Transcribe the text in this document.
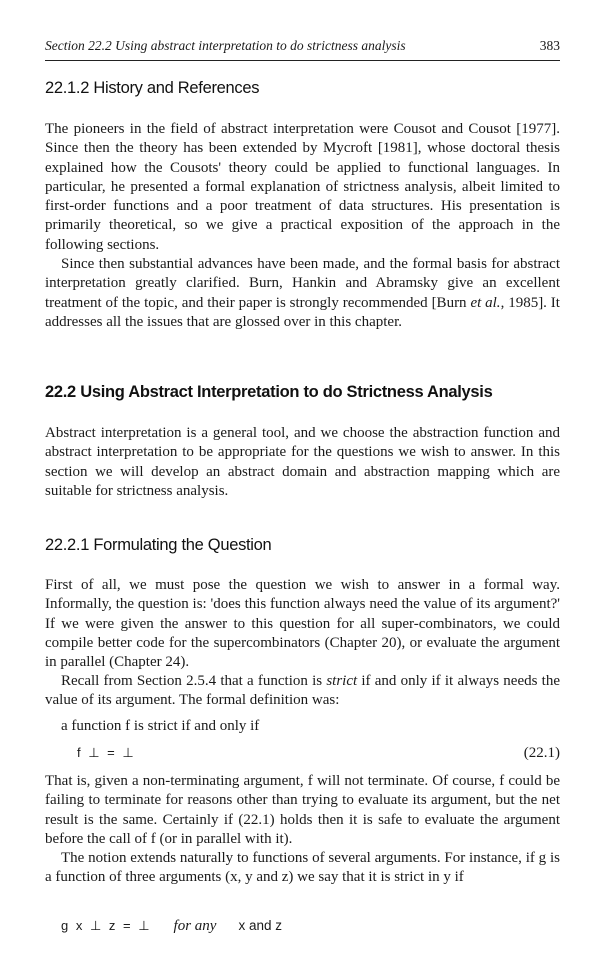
Section 22.2 Using abstract interpretation to do strictness analysis	383
22.1.2 History and References

The pioneers in the field of abstract interpretation were Cousot and Cousot [1977]. Since then the theory has been extended by Mycroft [1981], whose doctoral thesis explained how the Cousots' theory could be applied to functional languages. In particular, he presented a formal explanation of strictness analysis, albeit limited to first-order functions and a poor treatment of data structures. His presentation is primarily theoretical, so we give a practical exposition of the approach in the following sections.

Since then substantial advances have been made, and the formal basis for abstract interpretation greatly clarified. Burn, Hankin and Abramsky give an excellent treatment of the topic, and their paper is strongly recommended [Burn et al., 1985]. It addresses all the issues that are glossed over in this chapter.

22.2 Using Abstract Interpretation to do Strictness Analysis

Abstract interpretation is a general tool, and we choose the abstraction function and abstract interpretation to be appropriate for the questions we wish to answer. In this section we will develop an abstract domain and abstraction mapping which are suitable for strictness analysis.

22.2.1 Formulating the Question

First of all, we must pose the question we wish to answer in a formal way. Informally, the question is: 'does this function always need the value of its argument?' If we were given the answer to this question for all super-combinators, we could compile better code for the supercombinators (Chapter 20), or evaluate the argument in parallel (Chapter 24).

Recall from Section 2.5.4 that a function is strict if and only if it always needs the value of its argument. The formal definition was:

a function f is strict if and only if
f ⊥ = ⊥	(22.1)

That is, given a non-terminating argument, f will not terminate. Of course, f could be failing to terminate for reasons other than trying to evaluate its argument, but the net result is the same. Certainly if (22.1) holds then it is safe to evaluate the argument before the call of f (or in parallel with it).

The notion extends naturally to functions of several arguments. For instance, if g is a function of three arguments (x, y and z) we say that it is strict in y if

g x ⊥ z = ⊥ for any x and z
